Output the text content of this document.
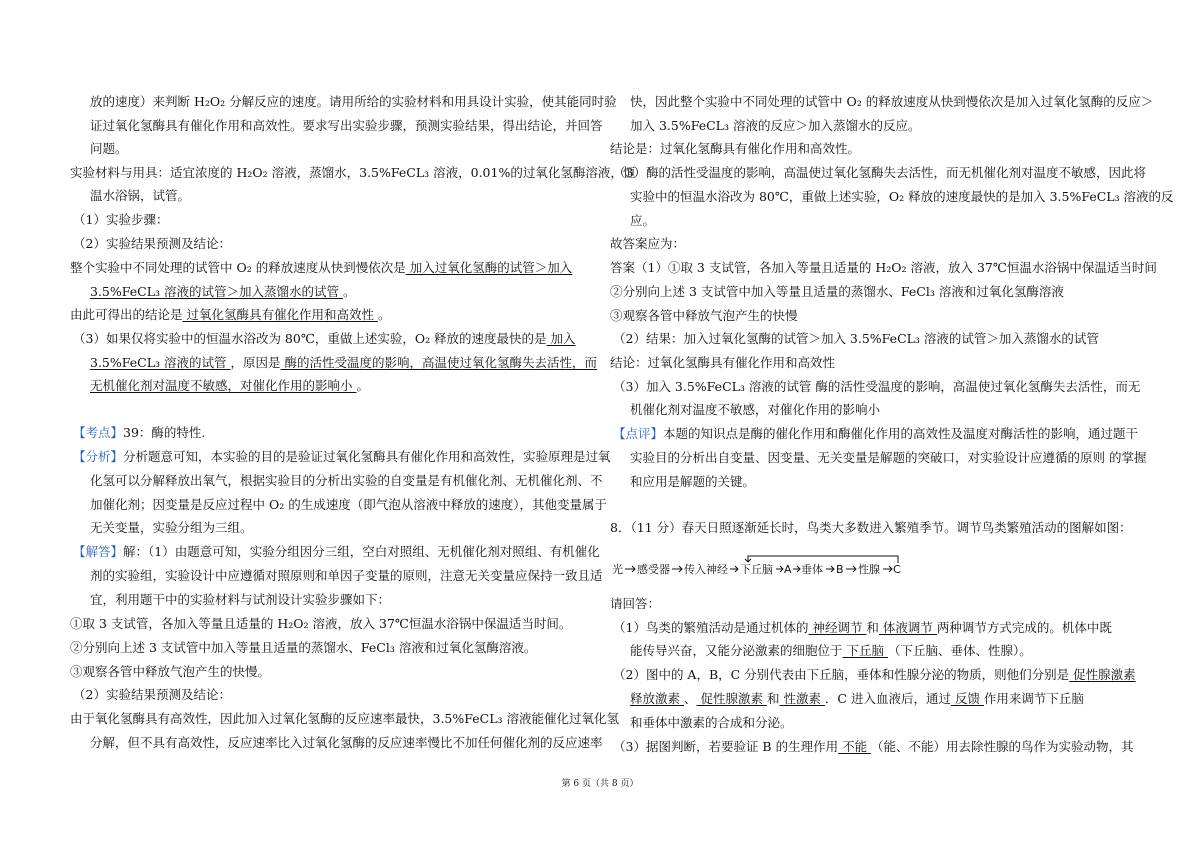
放的速度）来判断 H₂O₂ 分解反应的速度。请用所给的实验材料和用具设计实验，使其能同时验
证过氧化氢酶具有催化作用和高效性。要求写出实验步骤，预测实验结果，得出结论，并回答
问题。
实验材料与用具：适宜浓度的 H₂O₂ 溶液，蒸馏水，3.5%FeCL₃ 溶液，0.01%的过氧化氢酶溶液，恒
温水浴锅，试管。
（1）实验步骤：
（2）实验结果预测及结论：
整个实验中不同处理的试管中 O₂ 的释放速度从快到慢依次是 加入过氧化氢酶的试管＞加入
3.5%FeCL₃ 溶液的试管＞加入蒸馏水的试管 。
由此可得出的结论是 过氧化氢酶具有催化作用和高效性 。
（3）如果仅将实验中的恒温水浴改为 80℃，重做上述实验，O₂ 释放的速度最快的是 加入
3.5%FeCL₃ 溶液的试管 ，原因是 酶的活性受温度的影响，高温使过氧化氢酶失去活性，而
无机催化剂对温度不敏感，对催化作用的影响小 。
【考点】39：酶的特性.
【分析】分析题意可知，本实验的目的是验证过氧化氢酶具有催化作用和高效性，实验原理是过氧
化氢可以分解释放出氧气，根据实验目的分析出实验的自变量是有机催化剂、无机催化剂、不
加催化剂；因变量是反应过程中 O₂ 的生成速度（即气泡从溶液中释放的速度），其他变量属于
无关变量，实验分组为三组。
【解答】解：（1）由题意可知，实验分组因分三组，空白对照组、无机催化剂对照组、有机催化
剂的实验组，实验设计中应遵循对照原则和单因子变量的原则，注意无关变量应保持一致且适
宜，利用题干中的实验材料与试剂设计实验步骤如下：
①取 3 支试管，各加入等量且适量的 H₂O₂ 溶液，放入 37℃恒温水浴锅中保温适当时间。
②分别向上述 3 支试管中加入等量且适量的蒸馏水、FeCl₃ 溶液和过氧化氢酶溶液。
③观察各管中释放气泡产生的快慢。
（2）实验结果预测及结论：
由于氧化氢酶具有高效性，因此加入过氧化氢酶的反应速率最快，3.5%FeCL₃ 溶液能催化过氧化氢
分解，但不具有高效性，反应速率比入过氧化氢酶的反应速率慢比不加任何催化剂的反应速率
快，因此整个实验中不同处理的试管中 O₂ 的释放速度从快到慢依次是加入过氧化氢酶的反应＞
加入 3.5%FeCL₃ 溶液的反应＞加入蒸馏水的反应。
结论是：过氧化氢酶具有催化作用和高效性。
（3）酶的活性受温度的影响，高温使过氧化氢酶失去活性，而无机催化剂对温度不敏感，因此将
实验中的恒温水浴改为 80℃，重做上述实验，O₂ 释放的速度最快的是加入 3.5%FeCL₃ 溶液的反
应。
故答案应为：
答案（1）①取 3 支试管，各加入等量且适量的 H₂O₂ 溶液，放入 37℃恒温水浴锅中保温适当时间
②分别向上述 3 支试管中加入等量且适量的蒸馏水、FeCl₃ 溶液和过氧化氢酶溶液
③观察各管中释放气泡产生的快慢
（2）结果：加入过氧化氢酶的试管＞加入 3.5%FeCL₃ 溶液的试管＞加入蒸馏水的试管
结论：过氧化氢酶具有催化作用和高效性
（3）加入 3.5%FeCL₃ 溶液的试管 酶的活性受温度的影响，高温使过氧化氢酶失去活性，而无
机催化剂对温度不敏感，对催化作用的影响小
【点评】本题的知识点是酶的催化作用和酶催化作用的高效性及温度对酶活性的影响，通过题干
实验目的分析出自变量、因变量、无关变量是解题的突破口，对实验设计应遵循的原则 的掌握
和应用是解题的关键。
8．（11 分）春天日照逐渐延长时，鸟类大多数进入繁殖季节。调节鸟类繁殖活动的图解如图：
请回答：
（1）鸟类的繁殖活动是通过机体的 神经调节 和 体液调节 两种调节方式完成的。机体中既
能传导兴奋，又能分泌激素的细胞位于 下丘脑 （下丘脑、垂体、性腺）。
（2）图中的 A，B，C 分别代表由下丘脑，垂体和性腺分泌的物质，则他们分别是 促性腺激素
释放激素 、 促性腺激素 和 性激素 ．C 进入血液后，通过 反馈 作用来调节下丘脑
和垂体中激素的合成和分泌。
（3）据图判断，若要验证 B 的生理作用 不能 （能、不能）用去除性腺的鸟作为实验动物，其
光 感受器 传入神经 下丘脑 A 垂体 B 性腺 C
第 6 页（共 8 页）
